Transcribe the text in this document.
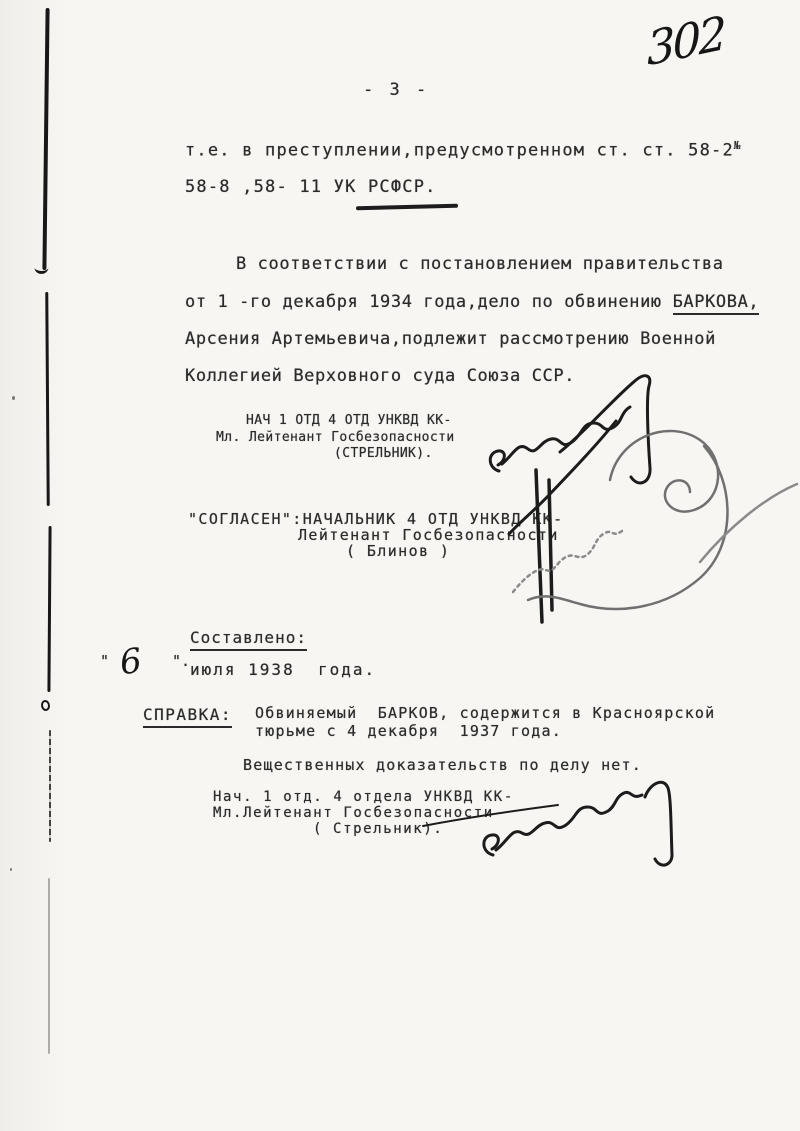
302
- 3 -
т.е. в преступлении,предусмотренном ст. ст. 58-2№
58-8 ,58- 11 УК РСФСР.
В соответствии с постановлением правительства
от 1 -го декабря 1934 года,дело по обвинению БАРКОВА,
Арсения Артемьевича,подлежит рассмотрению Военной
Коллегией Верховного суда Союза ССР.
НАЧ 1 ОТД 4 ОТД УНКВД КК-
Мл. Лейтенант Госбезопасности
(СТРЕЛЬНИК).
"СОГЛАСЕН":НАЧАЛЬНИК 4 ОТД УНКВД КК-
Лейтенант Госбезопасности
( Блинов )
Составлено:
" 6 ". июля 1938  года.
СПРАВКА: Обвиняемый  БАРКОВ, содержится в Красноярской
тюрьме с 4 декабря  1937 года.
Вещественных доказательств по делу нет.
Нач. 1 отд. 4 отдела УНКВД КК-
Мл.Лейтенант Госбезопасности
( Стрельник).
